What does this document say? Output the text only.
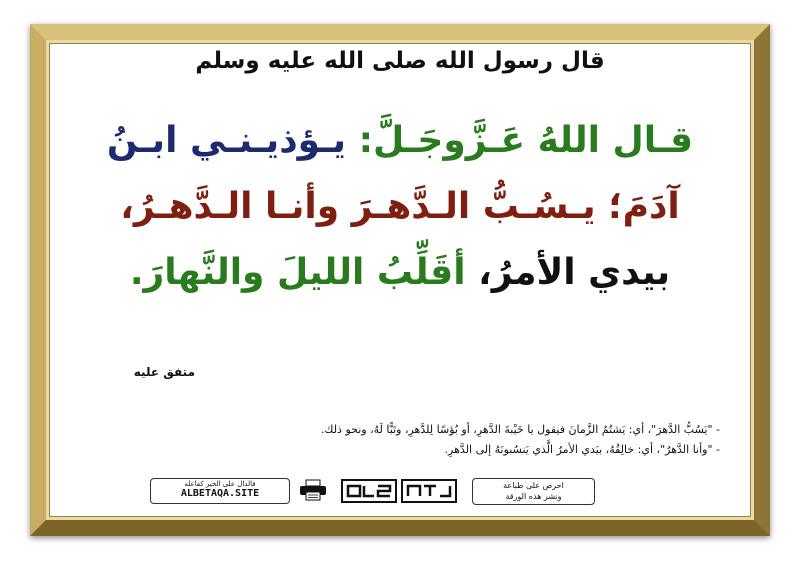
قال رسول الله صلى الله عليه وسلم
قـال اللهُ عَـزَّوجَـلَّ: يـؤذيـنـي ابـنُ
آدَمَ؛ يـسُـبُّ الـدَّهـرَ وأنـا الـدَّهـرُ،
بيدي الأمرُ، أقَلِّبُ الليلَ والنَّهارَ.
متفق عليه
- "يَسُبُّ الدَّهرَ"، أي: يَشتُمُ الزَّمانَ فيقول يا خَيْبةَ الدَّهرِ، أو بُؤسًا لِلدَّهرِ، وتَبًّا لَهُ، ونحو ذلك.
- "وأنا الدَّهرُ"، أي: خالِقُهُ، بيَدي الأمرُ الَّذي يَنسُبونَهُ إلى الدَّهرِ.
فالدال على الخير كفاعله
ALBETAQA.SITE
احرص على طباعة
ونشر هذه الورقة
